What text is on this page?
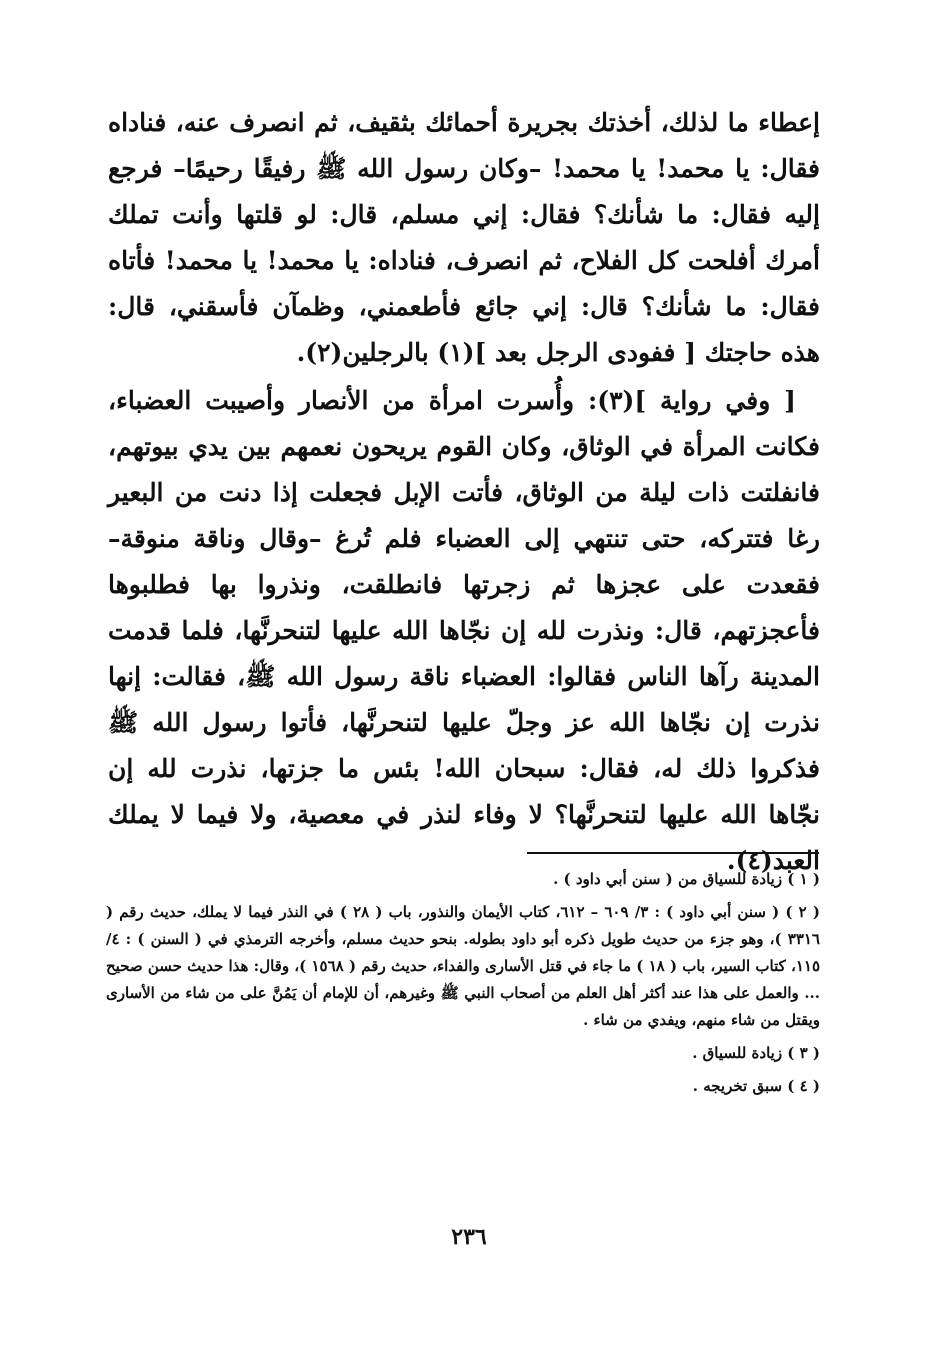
إعطاء ما لذلك، أخذتك بجريرة أحمائك بثقيف، ثم انصرف عنه، فناداه فقال: يا محمد! يا محمد! –وكان رسول الله ﷺ رفيقًا رحيمًا– فرجع إليه فقال: ما شأنك؟ فقال: إني مسلم، قال: لو قلتها وأنت تملك أمرك أفلحت كل الفلاح، ثم انصرف، فناداه: يا محمد! يا محمد! فأتاه فقال: ما شأنك؟ قال: إني جائع فأطعمني، وظمآن فأسقني، قال: هذه حاجتك [ ففودى الرجل بعد ](١) بالرجلين(٢).

[ وفي رواية ](٣): وأُسرت امرأة من الأنصار وأصيبت العضباء، فكانت المرأة في الوثاق، وكان القوم يريحون نعمهم بين يدي بيوتهم، فانفلتت ذات ليلة من الوثاق، فأتت الإبل فجعلت إذا دنت من البعير رغا فتتركه، حتى تنتهي إلى العضباء فلم تُرغ –وقال وناقة منوقة– فقعدت على عجزها ثم زجرتها فانطلقت، ونذروا بها فطلبوها فأعجزتهم، قال: ونذرت لله إن نجّاها الله عليها لتنحرنَّها، فلما قدمت المدينة رآها الناس فقالوا: العضباء ناقة رسول الله ﷺ، فقالت: إنها نذرت إن نجّاها الله عز وجلّ عليها لتنحرنَّها، فأتوا رسول الله ﷺ فذكروا ذلك له، فقال: سبحان الله! بئس ما جزتها، نذرت لله إن نجّاها الله عليها لتنحرنَّها؟ لا وفاء لنذر في معصية، ولا فيما لا يملك العبد(٤).

( ١ ) زيادة للسياق من ( سنن أبي داود ) .

( ٢ ) ( سنن أبي داود ) : ٣/ ٦٠٩ – ٦١٢، كتاب الأيمان والنذور، باب ( ٢٨ ) في النذر فيما لا يملك، حديث رقم ( ٣٣١٦ )، وهو جزء من حديث طويل ذكره أبو داود بطوله. بنحو حديث مسلم، وأخرجه الترمذي في ( السنن ) : ٤/ ١١٥، كتاب السير، باب ( ١٨ ) ما جاء في قتل الأسارى والفداء، حديث رقم ( ١٥٦٨ )، وقال: هذا حديث حسن صحيح ... والعمل على هذا عند أكثر أهل العلم من أصحاب النبي ﷺ وغيرهم، أن للإمام أن يَمُنَّ على من شاء من الأسارى ويقتل من شاء منهم، ويفدي من شاء .

( ٣ ) زيادة للسياق .

( ٤ ) سبق تخريجه .

٢٣٦
